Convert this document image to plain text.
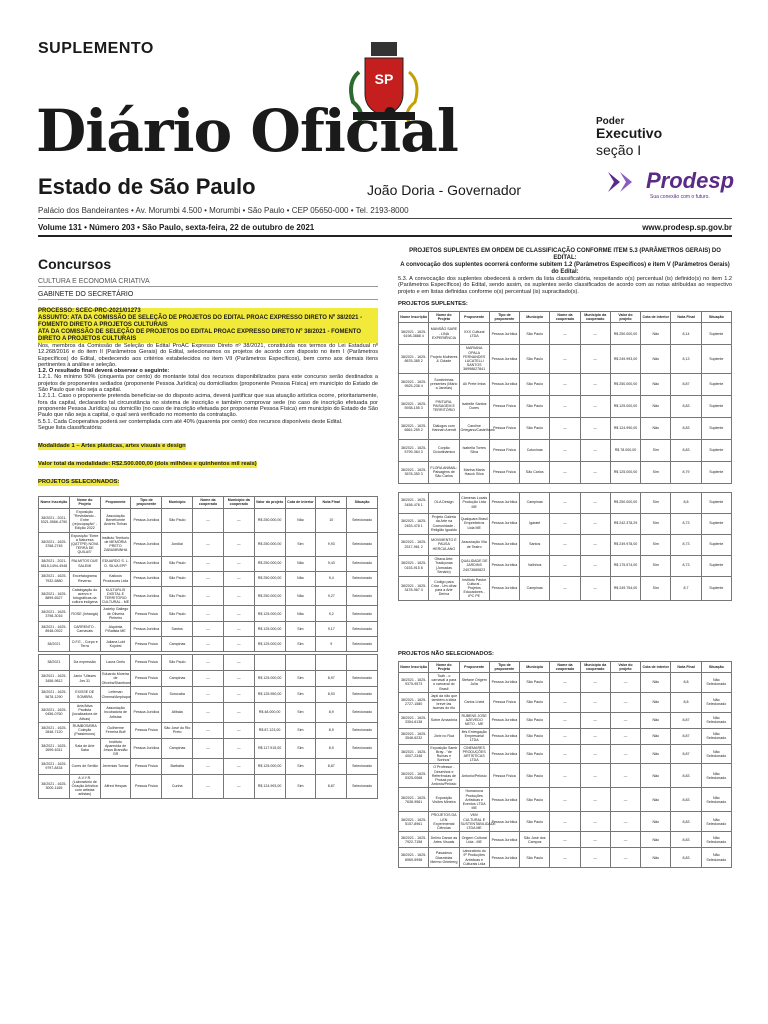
SUPLEMENTO
SP
Diário Oficial
Estado de São Paulo	João Doria - Governador
Poder
Executivo
seção I
Prodesp
Sua conexão com o futuro.
Palácio dos Bandeirantes • Av. Morumbi 4.500 • Morumbi • São Paulo • CEP 05650-000 • Tel. 2193-8000
Volume 131 • Número 203 • São Paulo, sexta-feira, 22 de outubro de 2021	www.prodesp.sp.gov.br
Concursos
CULTURA E ECONOMIA CRIATIVA
GABINETE DO SECRETÁRIO
PROCESSO: SCEC-PRC-2021/01273
ASSUNTO: ATA DA COMISSÃO DE SELEÇÃO DE PROJETOS DO EDITAL PROAC EXPRESSO DIRETO Nº 38/2021 - FOMENTO DIRETO A PROJETOS CULTURAIS
ATA DA COMISSÃO DE SELEÇÃO DE PROJETOS DO EDITAL PROAC EXPRESSO DIRETO Nº 38/2021 - FOMENTO DIRETO A PROJETOS CULTURAIS

Nos, membros da Comissão de Seleção do Edital ProAC Expresso Direto nº 38/2021, constituída nos termos do Lei Estadual nº 12.268/2016 e do item II (Parâmetros Gerais) do Edital, selecionamos os projetos de acordo com disposto no item I (Parâmetros Específicos) do Edital, obedecendo aos critérios estabelecidos no item VII (Parâmetros Específicos), bem como aos demais itens pertinentes à análise e seleção.

1.2. O resultado final deverá observar o seguinte:

1.2.1. No mínimo 50% (cinquenta por cento) do montante total dos recursos disponibilizados para este concurso serão destinados a projetos de proponentes sediados (proponente Pessoa Jurídica) ou domiciliados (proponente Pessoa Física) em município do Estado de São Paulo que não seja a capital.

1.2.1.1. Caso o proponente pretenda beneficiar-se do disposto acima, deverá justificar que sua atuação artística ocorre, prioritariamente, fora da capital, declarando tal circunstância no sistema de inscrição e também comprovar sede (no caso de inscrição efetuada por proponente Pessoa Jurídica) ou domicílio (no caso de inscrição efetuada por proponente Pessoa Física) em município do Estado de São Paulo que não seja a capital, o qual será verificado no momento da contratação.

5.5.1. Cada Cooperativa poderá ser contemplada com até 40% (quarenta por cento) dos recursos disponíveis deste Edital.

Segue lista classificatória:

Modalidade 1 – Artes plásticas, artes visuais e design
Valor total da modalidade: R$2.500.000,00 (dois milhões e quinhentos mil reais)
PROJETOS SELECIONADOS:
Nome Inscrição	Nome do Projeto	Proponente	Tipo de proponente	Município	Nome da cooperado	Município da cooperado	Valor do projeto	Cota de interior	Nota Final	Situação
38/2021 - 2021-5321-5566-4790	Exposição "Revisitando - Entre (re)ocupação" - Edição 2022	Associação Benefícente Andrés Tinhas	Pessoa Jurídica	São Paulo	—	—	R$ 250.000,00	Não	10	Selecionado
38/2021 - 1625-3768-2745	Exposição "Entre a Natureza (QATTPE) NOVA TERRA DE QUILAS"	Instituto Territorio de MEMÓRIA PRETO ZABUMBINHA	Pessoa Jurídica	Jundiaí	—	—	R$ 250.000,00	Sim	9,93	Selecionado
38/2021 - 2021-5615-1494-4948	PALMITOS DUE SALEMI	EDUARDO S. L. D. SILVA EPP	Pessoa Jurídica	São Paulo	—	—	R$ 250.000,00	Não	9,43	Selecionado
38/2021 - 1625-7932-5880	Encefalograma Reverso	Kaikoos Producoes Ltda	Pessoa Jurídica	São Paulo	—	—	R$ 250.000,00	Não	9,4	Selecionado
38/2021 - 1625-8899-6527	Catalogação do acervo e fotográficas da cultura indígena	KULTURLIS DIGITAL E TERRITÓRIO CULTURAL - ME	Pessoa Jurídica	São Paulo	—	—	R$ 250.000,00	Não	9,27	Selecionado
38/2021 - 1625-3798-3016	ROSE (Inhangá)	Jucieky Gallego de Oliveira Pinheiro	Pessoa Física	São Paulo	—	—	R$ 125.000,00	Não	9,2	Selecionado
38/2021 - 1625-8948-0922	CARRENTO - Carnavais	Alquimia P.Batista ME	Pessoa Jurídica	Santos	—	—	R$ 125.000,00	Sim	9,17	Selecionado
38/2021	O.F.E. - Corpo e Terra	Juliana Lubi Kojubsi	Pessoa Física	Campinas	—	—	R$ 125.000,00	Sim	9	Selecionado
38/2021	Da expressão	Laura Grelo	Pessoa Física	São Paulo	—	—				
38/2021 - 1625-3456-9812	Janio "Ulisses Jes 31	Eduardo Moreira de Oliveira/Stambone	Pessoa Física	Campinas	—	—	R$ 125.000,00	Sim	8,97	Selecionado
38/2021 - 1625-5678-1290	EXISSE DE SOMBRA	Lefeman Cinema/Amplsque	Pessoa Física	Sorocaba	—	—	R$ 125.950,00	Sim	8,93	Selecionado
38/2021 - 1625-0456-0760	Arte/Ativa Paulista (localizadora de Ativas)	Associação Incubadora de Artistas	Pessoa Jurídica	Atibaia	—	—	R$ 48.000,00	Sim	8,9	Selecionado
38/2021 - 1625-2848-7120	RUMBOS/BRA Coleção (Passimuros)	Guilherme Ferreira Buff	Pessoa Física	São José do Rio Preto	—	—	R$ 87.123,00	Sim	8,9	Selecionado
38/2021 - 1625-2699-6311	Sala de Arte Saka	Instituto Aparecida de Jesus Brandão GR	Pessoa Jurídica	Campinas	—	—	R$ 117.915,00	Sim	8,9	Selecionado
38/2021 - 1625-9797-8434	Cores de Sertão	Jeremias Tomaz	Pessoa Física	Barbatia	—	—	R$ 125.000,00	Sim	8,87	Selecionado
38/2021 - 1625-3000-1165	A.V.Y.R. (Laboratório de Criação Artística com artistas artistas)	Alfred Hesyas	Pessoa Física	Cunha	—	—	R$ 124.993,00	Sim	8,87	Selecionado

PROJETOS SUPLENTES EM ORDEM DE CLASSIFICAÇÃO CONFORME ITEM 5.3 (PARÂMETROS GERAIS) DO EDITAL:

A convocação dos suplentes ocorrerá conforme subitem 1.2 (Parâmetros Específicos) e item V (Parâmetros Gerais) do Edital:

5.3. A convocação dos suplentes obedecerá à ordem da lista classificatória, respeitando o(s) percentual (is) definido(s) no item 1.2 (Parâmetros Específicos) do Edital, sendo assim, os suplentes serão classificados de acordo com as notas atribuídas ao respectivo projeto e em listas definidas conforme o(s) percentual (is) supracitado(s).

PROJETOS SUPLENTES:
Nome Inscrição	Nome do Projeto	Proponente	Tipo de proponente	Município	Nome da cooperado	Município da cooperado	Valor do projeto	Cota de interior	Nota Final	Situação
38/2021 - 1625-6198-3888 4	MANSÃO SARE - LINA EXPERIÊNCIA	XXX Cultural LTDA	Pessoa Jurídica	São Paulo	—	—	R$ 250.000,00	Não	8,14	Suplente
38/2021 - 1625-8876-385 2	Projeto Mulheres & Cidade	MARIANA OPALA FERNANDES LUCATELLI SANTOS 36998627841	Pessoa Jurídica	São Paulo	—	—	R$ 249.993,00	Não	8,13	Suplente
38/2021 - 1625-9525-238 4	Sombrinhas presentes (Mário a Janelas)	Ali Prete Imba	Pessoa Jurídica	São Paulo	—	—	R$ 250.000,00	Não	8,87	Suplente
38/2021 - 1625-5938-155 3	PINTURA, PAISAGEM E TERRITÓRIO	Isabelle Santos Dores	Pessoa Física	São Paulo	—	—	R$ 125.000,00	Não	8,83	Suplente
38/2021 - 1625-6661-259 2	Diálogos com Hannah Arendt	Caroline Ortegano/Castelhano	Pessoa Física	São Paulo	—	—	R$ 124.990,00	Não	8,83	Suplente
38/2021 - 1625-5799-364 3	Corpão Ciclodinámico	Isabella Torres Silva	Pessoa Física	Cotovinas	—	—	R$ 78.000,00	Sim	8,83	Suplente
38/2021 - 1625-3678-350 3	FLORA ANIMAL: Paisagens de São Carlos	Marina Maria Hauck Silva	Pessoa Física	São Carlos	—	—	R$ 125.000,00	Sim	8,79	Suplente
38/2021 - 1625-3458-478 1	OLA Design	Câmeras Locais Produção Ltda ME	Pessoa Jurídica	Campinas	—	—	R$ 250.000,00	Sim	8,8	Suplente
38/2021 - 1625-2453-478 1	Projeto Galeria da Arte na Comunidade - Religião Igualdo	Qualquara Brasil Empreiteiros Ltda ME	Pessoa Jurídica	Igaraté	—	—	R$ 242.378,29	Sim	8,73	Suplente
38/2021 - 1625-2517-961 2	MOVIMENTO E PAUSA HERCULANO	Associação Vila de Teatro	Pessoa Jurídica	Santos	—	—	R$ 249.978,00	Sim	8,73	Suplente
38/2021 - 1625-0153-915 8	Oitava Arte: Tradiçonas (Jornadas Senário)	QUALIDADE DE JARDINS 24073689823	Pessoa Jurídica	Valinhos	—	—	R$ 175.574,00	Sim	8,73	Suplente
38/2021 - 1625-3478-967 4	Código para Criar - Um olhar para a Arte Deriva	Instituto Pastor Cultural - Projetos Educadores - IPC PE	Pessoa Jurídica	Campinas	—	—	R$ 249.754,00	Sim	8,7	Suplente
PROJETOS NÃO SELECIONADOS:
Nome Inscrição	Nome do Projeto	Proponente	Tipo de proponente	Município	Nome da cooperado	Município da cooperado	Valor do projeto	Cota de interior	Nota Final	Situação
38/2021 - 1625-9375-9573	Toáh - o carnaval a para o carnaval do Brasil	Stefane Origem Julia	Pessoa Jurídica	São Paulo	—	—	—	Não	8,8	Não Selecionado
38/2021 - 1625-2727-1580	Japii da não que também a ideia breve Ias Isomas do rito	Carlos Lheid	Pessoa Física	São Paulo	—	—	—	Não	8,8	Não Selecionado
38/2021 - 1625-3354-6138	Sobre Amazônia	RUBENS JOSE AZEVEDO NETO - ME	Pessoa Jurídica	São Paulo	—	—	—	Não	8,87	Não Selecionado
38/2021 - 1625-3548-6232	Jórix no Rua	Ifes Entregação Empresarial LTDA	Pessoa Jurídica	São Paulo	—	—	—	Não	8,87	Não Selecionado
38/2021 - 1625-4007-2348	Exposição Samir Bray - "de Ruínas e Sonhos"	CINEMARES PRODUÇÕES ARTÍSTICAS LTDA	Pessoa Jurídica	São Paulo	—	—	—	Não	8,87	Não Selecionado
38/2021 - 1625-5325-0068	O Professor - Desenhos e Referências de Prosas por Antonio/Pelósio	Antonio/Pelósio	Pessoa Física	São Paulo	—	—	—	Não	8,83	Não Selecionado
38/2021 - 1625-7638-9561	Exposição Visões Mineira	Humanova Produções Artísticas e Eventos LTDA ME	Pessoa Jurídica	São Paulo	—	—	—	Não	8,83	Não Selecionado
38/2021 - 1625-5157-8961	PROJETOS DA LEN Experimental Ciências	VMV CULTURAL E SUSTENTABILIDADE LTDA ME	Pessoa Jurídica	São Paulo	—	—	—	Não	8,83	Não Selecionado
38/2021 - 1625-7922-7158	Delírio Dance as Artes Visuais	Origem Cultural Ltda - ME	Pessoa Jurídica	São José dos Campos	—	—	—	Não	8,83	Não Selecionado
38/2021 - 1625-8969-5998	Pasadeus Diasmidas Mermo Grimberg	Laboratório do 9º Produções Artísticas e Culturais Ltda	Pessoa Jurídica	São Paulo	—	—	—	Não	8,83	Não Selecionado
